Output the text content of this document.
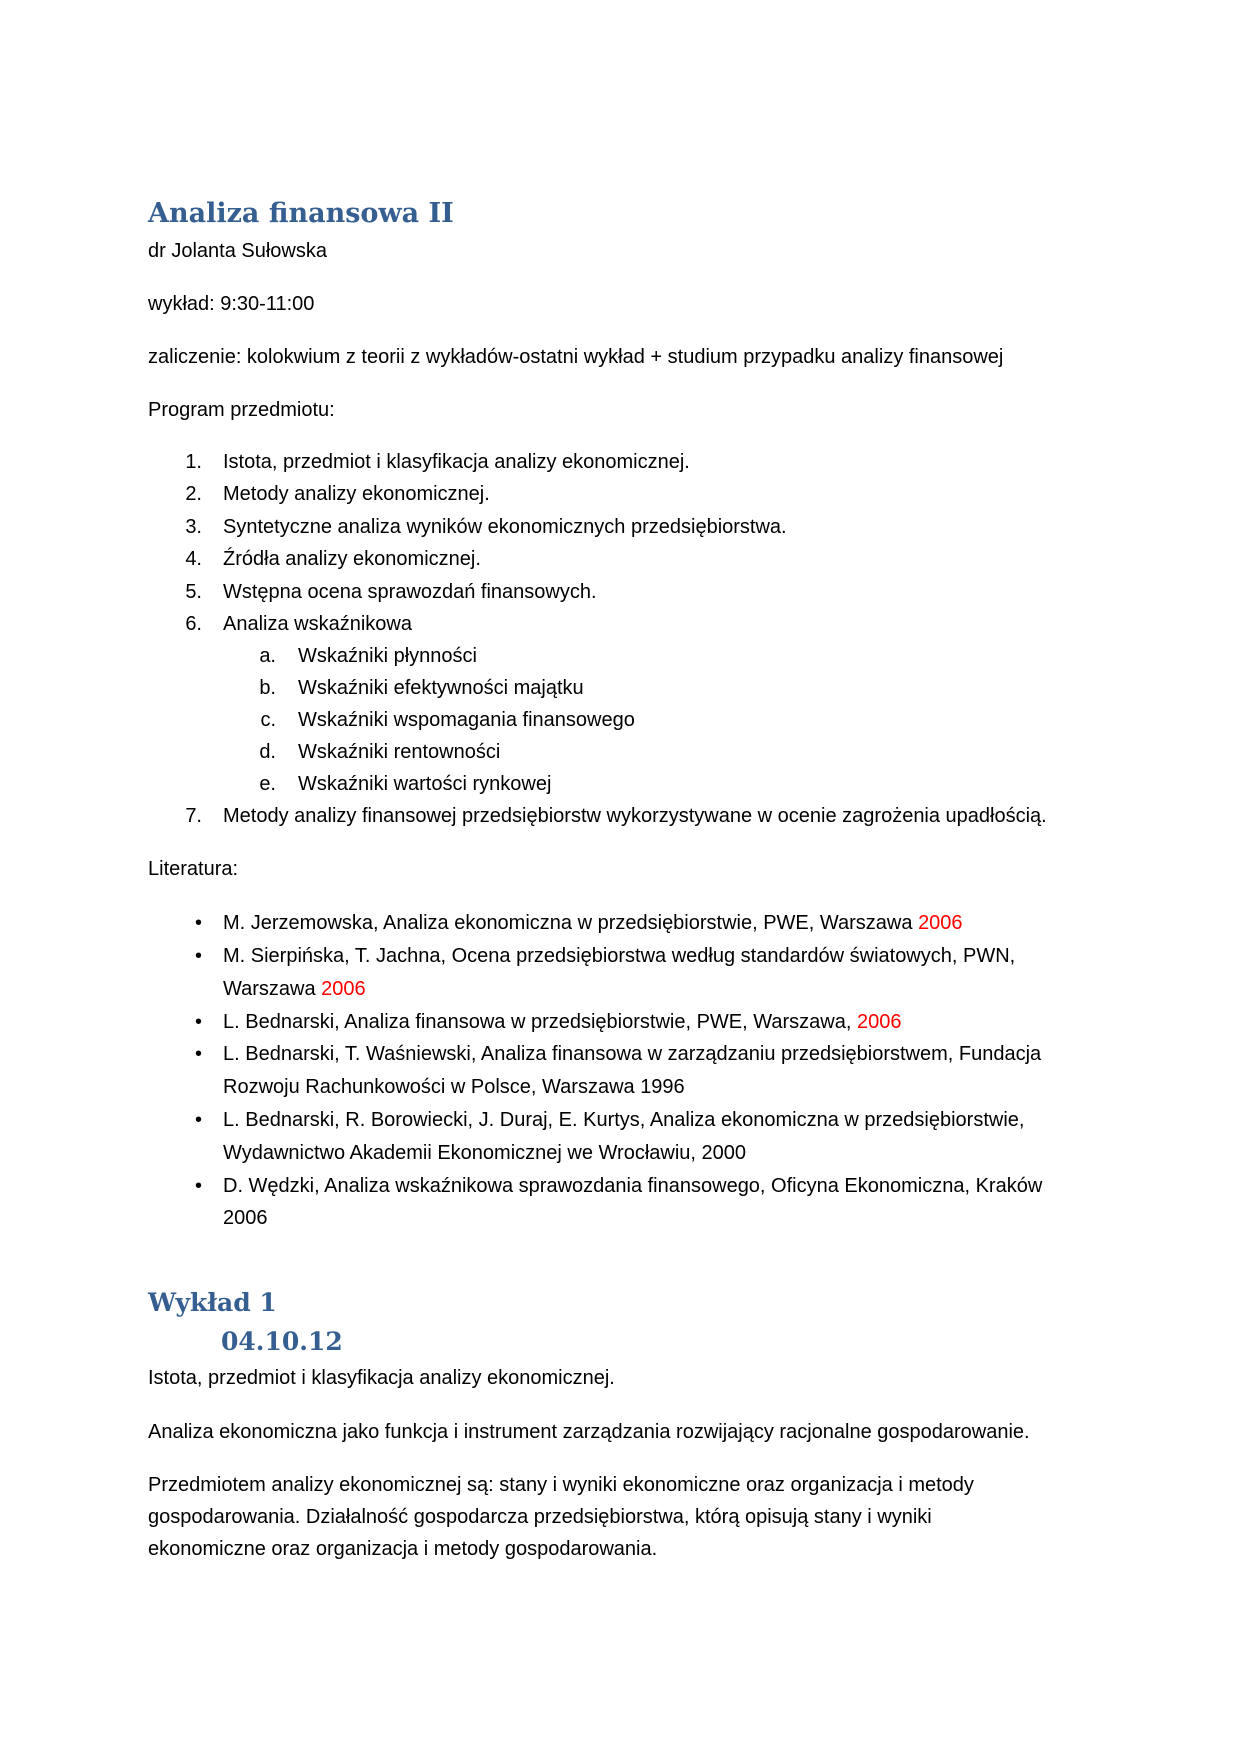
Analiza finansowa II
dr Jolanta Sułowska
wykład: 9:30-11:00
zaliczenie: kolokwium z teorii z wykładów-ostatni wykład + studium przypadku analizy finansowej
Program przedmiotu:
1. Istota, przedmiot i klasyfikacja analizy ekonomicznej.
2. Metody analizy ekonomicznej.
3. Syntetyczne analiza wyników ekonomicznych przedsiębiorstwa.
4. Źródła analizy ekonomicznej.
5. Wstępna ocena sprawozdań finansowych.
6. Analiza wskaźnikowa
a. Wskaźniki płynności
b. Wskaźniki efektywności majątku
c. Wskaźniki wspomagania finansowego
d. Wskaźniki rentowności
e. Wskaźniki wartości rynkowej
7. Metody analizy finansowej przedsiębiorstw wykorzystywane w ocenie zagrożenia upadłością.
Literatura:
• M. Jerzemowska, Analiza ekonomiczna w przedsiębiorstwie, PWE, Warszawa 2006
• M. Sierpińska, T. Jachna, Ocena przedsiębiorstwa według standardów światowych, PWN,
Warszawa 2006
• L. Bednarski, Analiza finansowa w przedsiębiorstwie, PWE, Warszawa, 2006
• L. Bednarski, T. Waśniewski, Analiza finansowa w zarządzaniu przedsiębiorstwem, Fundacja
Rozwoju Rachunkowości w Polsce, Warszawa 1996
• L. Bednarski, R. Borowiecki, J. Duraj, E. Kurtys, Analiza ekonomiczna w przedsiębiorstwie,
Wydawnictwo Akademii Ekonomicznej we Wrocławiu, 2000
• D. Wędzki, Analiza wskaźnikowa sprawozdania finansowego, Oficyna Ekonomiczna, Kraków
2006
Wykład 1
04.10.12
Istota, przedmiot i klasyfikacja analizy ekonomicznej.
Analiza ekonomiczna jako funkcja i instrument zarządzania rozwijający racjonalne gospodarowanie.
Przedmiotem analizy ekonomicznej są: stany i wyniki ekonomiczne oraz organizacja i metody
gospodarowania. Działalność gospodarcza przedsiębiorstwa, którą opisują stany i wyniki
ekonomiczne oraz organizacja i metody gospodarowania.
